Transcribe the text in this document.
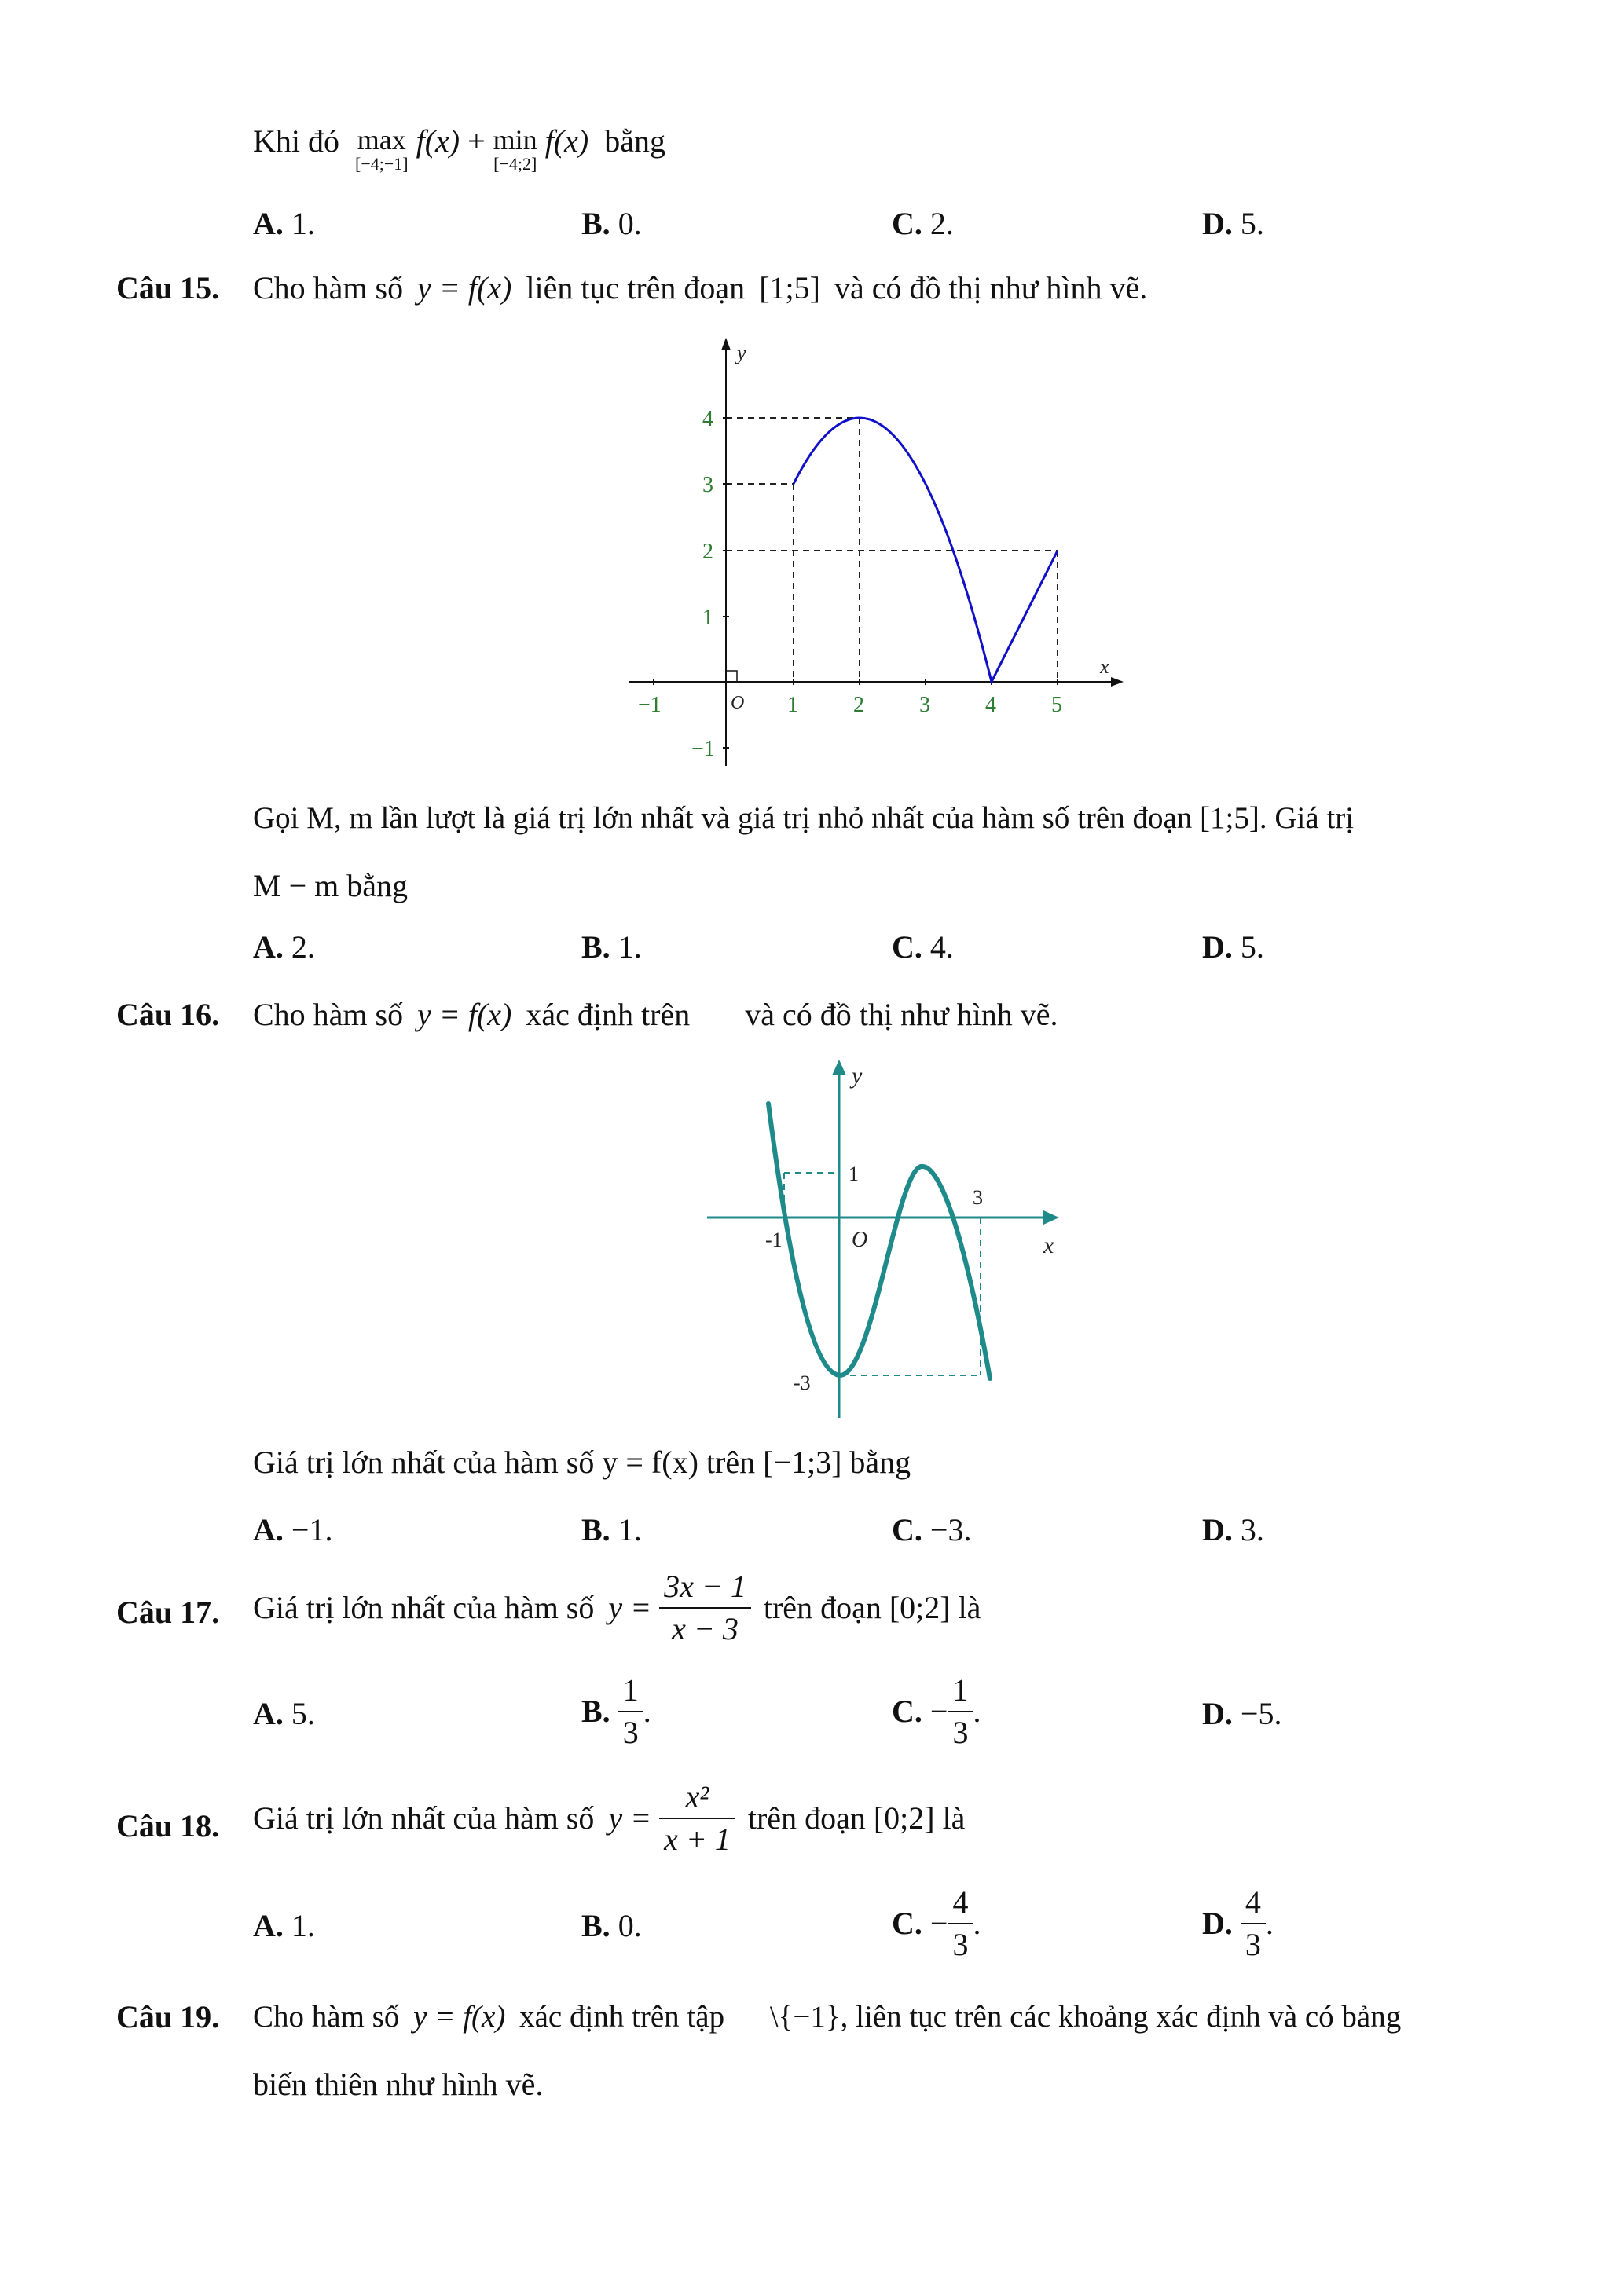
Khi đó max
[−4;−1]
f(x) + min
[−4;2]
f(x) bằng
A. 1.	B. 0.	C. 2.	D. 5.
Câu 15. Cho hàm số y = f(x) liên tục trên đoạn [1;5] và có đồ thị như hình vẽ.
x
y
O
−1	1	2	3	4	5
4
3
2
1
−1
Gọi M, m lần lượt là giá trị lớn nhất và giá trị nhỏ nhất của hàm số trên đoạn [1;5]. Giá trị
M − m bằng
A. 2.	B. 1.	C. 4.	D. 5.
Câu 16. Cho hàm số y = f(x) xác định trên và có đồ thị như hình vẽ.
y
x
O
1
3
-1
-3
Giá trị lớn nhất của hàm số y = f(x) trên [−1;3] bằng
A. −1.	B. 1.	C. −3.	D. 3.
Câu 17. Giá trị lớn nhất của hàm số $y = \frac{3x - 1}{x - 3}$ trên đoạn [0;2] là
A. 5.	B. $\frac{1}{3}$ .	C. − $\frac{1}{3}$ .	D. −5.
Câu 18. Giá trị lớn nhất của hàm số $y = \frac{\text{x²}}{x + 1}$ trên đoạn [0;2] là
A. 1.	B. 0.	C. − $\frac{4}{3}$ .	D. $\frac{4}{3}$ .
Câu 19. Cho hàm số y = f(x) xác định trên tập \{−1}, liên tục trên các khoảng xác định và có bảng
biến thiên như hình vẽ.
